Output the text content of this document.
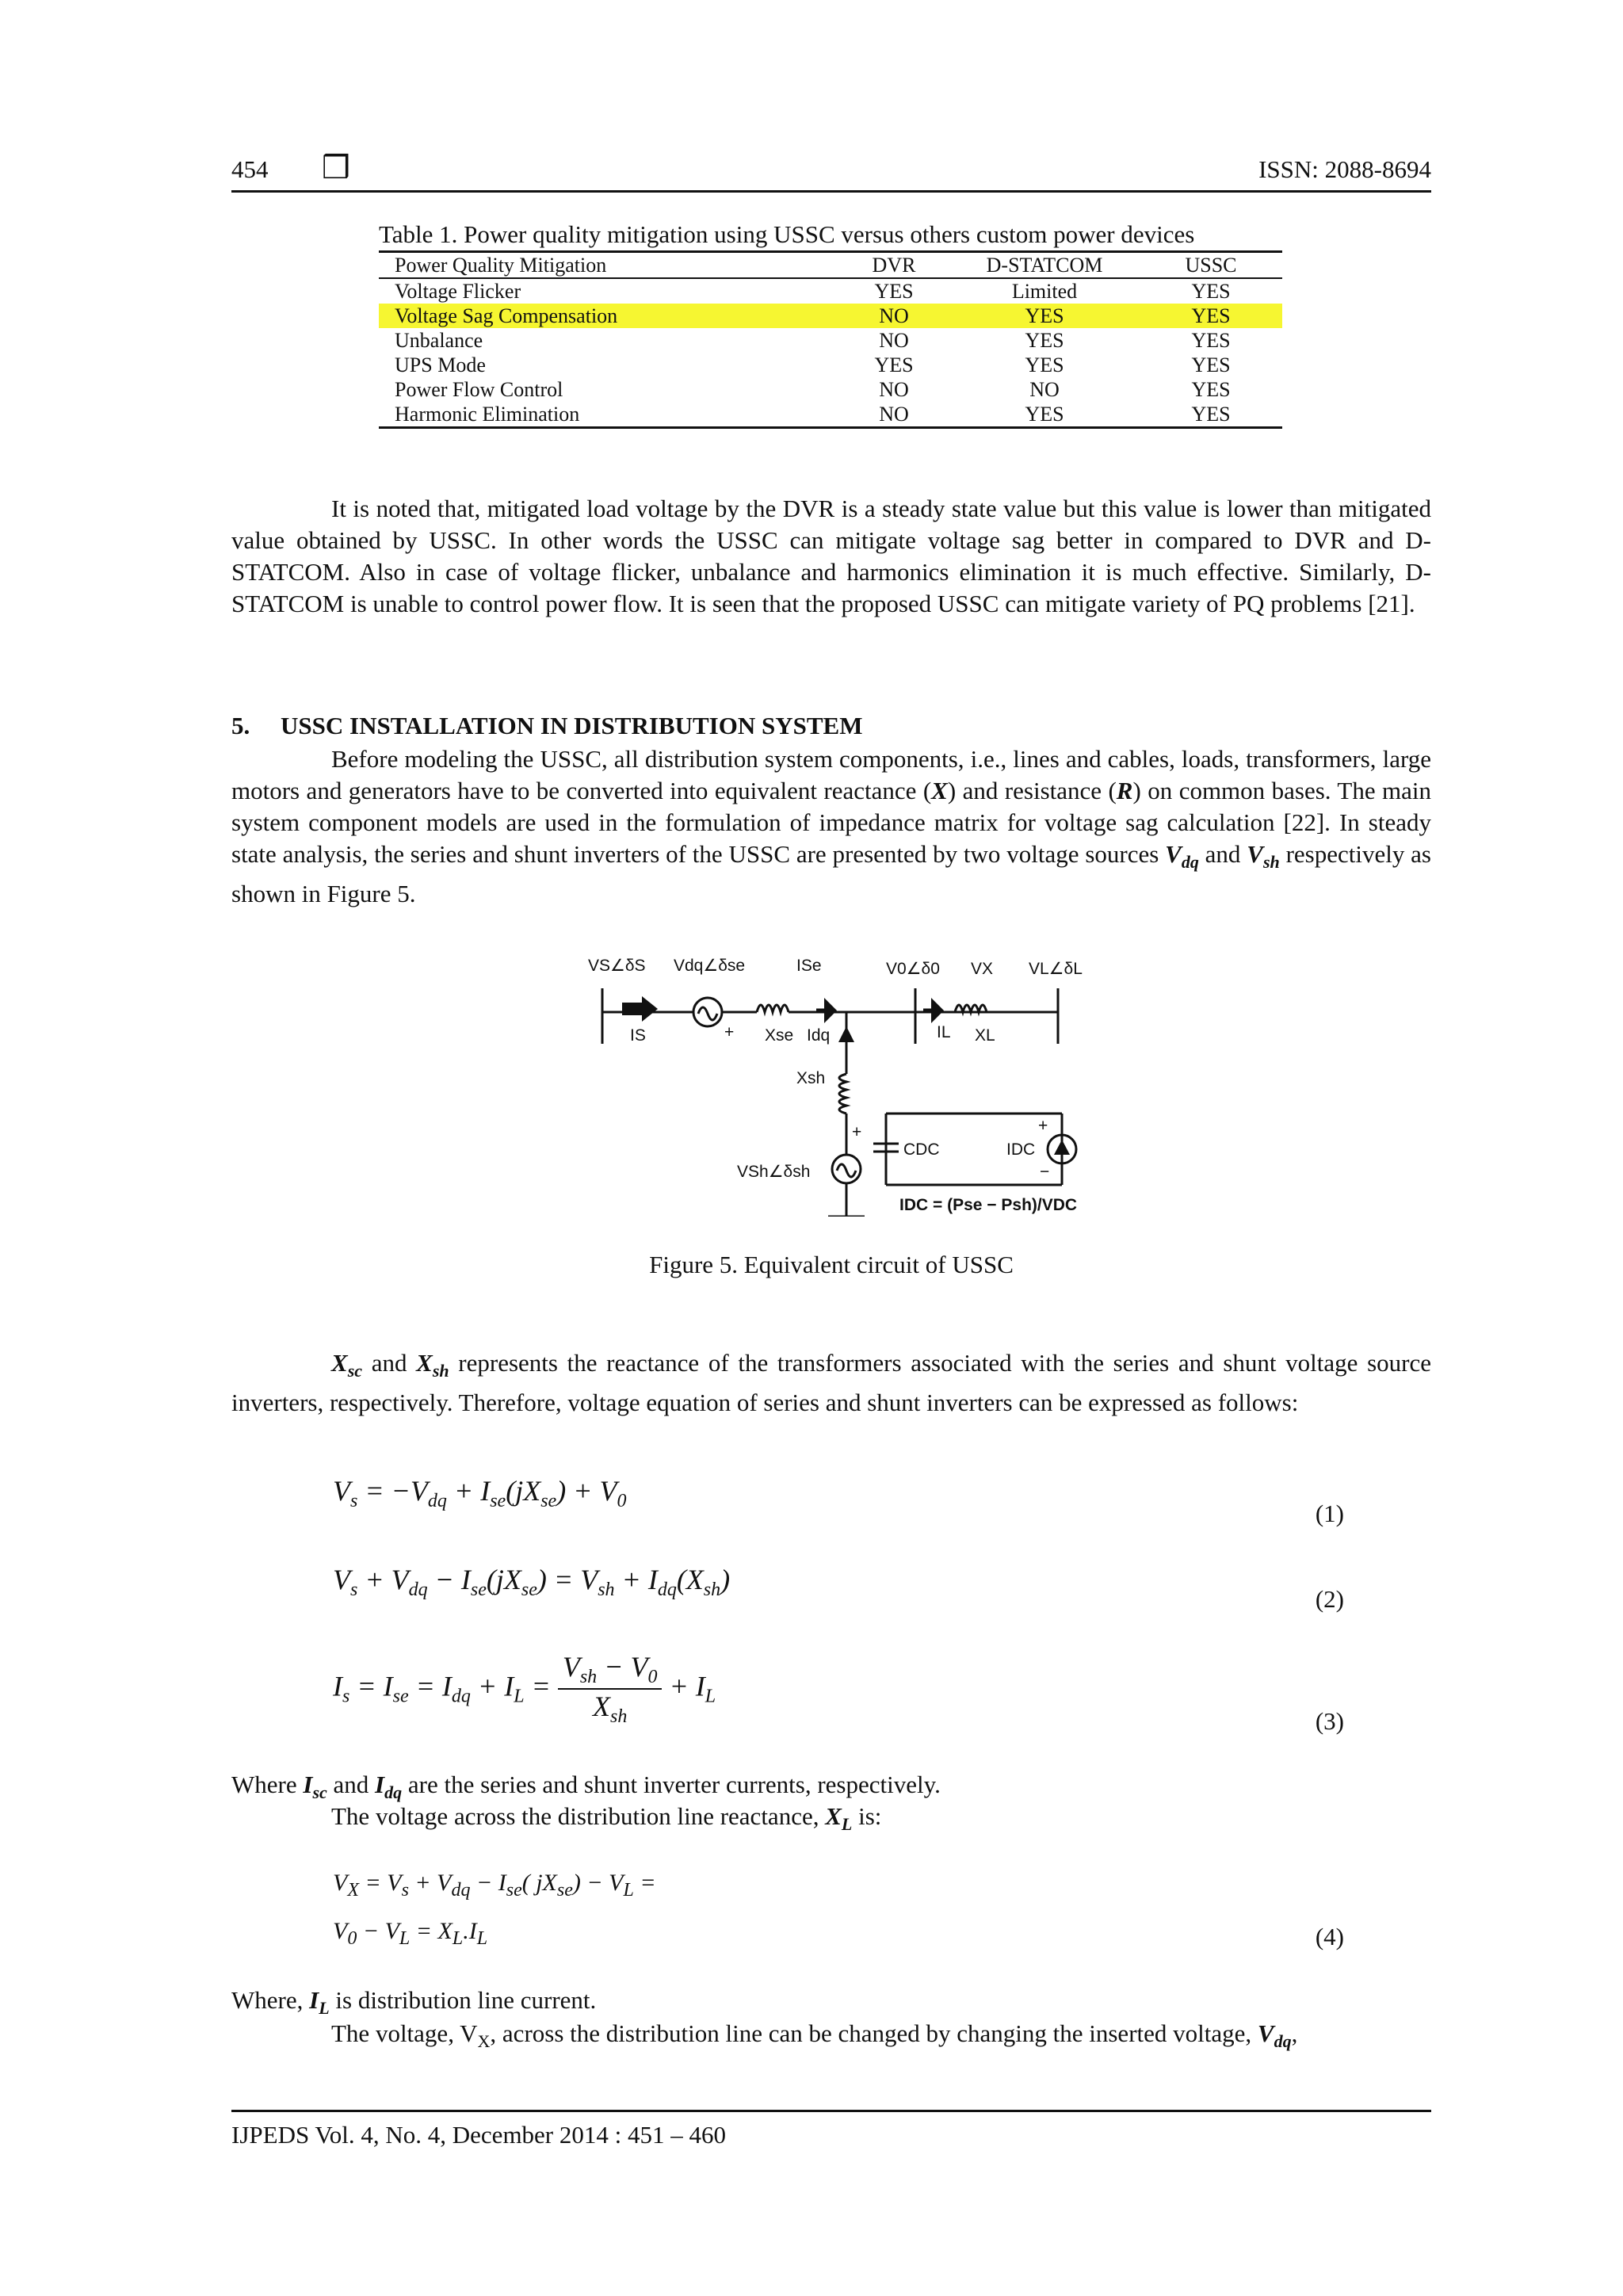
454 ❒	ISSN: 2088-8694
Table 1. Power quality mitigation using USSC versus others custom power devices
Power Quality Mitigation	DVR	D-STATCOM	USSC
Voltage Flicker	YES	Limited	YES
Voltage Sag Compensation	NO	YES	YES
Unbalance	NO	YES	YES
UPS Mode	YES	YES	YES
Power Flow Control	NO	NO	YES
Harmonic Elimination	NO	YES	YES

It is noted that, mitigated load voltage by the DVR is a steady state value but this value is lower than mitigated value obtained by USSC. In other words the USSC can mitigate voltage sag better in compared to DVR and D-STATCOM. Also in case of voltage flicker, unbalance and harmonics elimination it is much effective. Similarly, D-STATCOM is unable to control power flow. It is seen that the proposed USSC can mitigate variety of PQ problems [21].

5. USSC INSTALLATION IN DISTRIBUTION SYSTEM

Before modeling the USSC, all distribution system components, i.e., lines and cables, loads, transformers, large motors and generators have to be converted into equivalent reactance (X) and resistance (R) on common bases. The main system component models are used in the formulation of impedance matrix for voltage sag calculation [22]. In steady state analysis, the series and shunt inverters of the USSC are presented by two voltage sources $V_{dq}$ and $V_{sh}$ respectively as shown in Figure 5.

VS∠δS Vdq∠δse	ISe	V0∠δ0 VX VL∠δL
IS	+ Xse Idq	IL XL
Xsh
+
CDC	IDC
+
−
VSh∠δsh
IDC = (Pse − Psh)/VDC
Figure 5. Equivalent circuit of USSC

$X_{sc}$ and $X_{sh}$ represents the reactance of the transformers associated with the series and shunt voltage source inverters, respectively. Therefore, voltage equation of series and shunt inverters can be expressed as follows:

$V_s = -V_{dq} + I_{se}(jX_{se}) + V_0$	(1)
$V_s + V_{dq} - I_{se}(jX_{se}) = V_{sh} + I_{dq}(X_{sh})$
(2)
$I_s = I_{se} = I_{dq} + I_L = \frac{V_{sh} - V_0}{X_{sh}} + I_L$
(3)
Where $I_{sc}$ and $I_{dq}$ are the series and shunt inverter currents, respectively.
The voltage across the distribution line reactance, $X_L$ is:
$V_X = V_s + V_{dq} - I_{se}$( $jX_{se}) - V_L$ =
$V_0 - V_L = X_L.I_L$	(4)
Where, $I_L$ is distribution line current.

The voltage, $V_X$, across the distribution line can be changed by changing the inserted voltage, $V_{dq}$,

IJPEDS Vol. 4, No. 4, December 2014 : 451 – 460
